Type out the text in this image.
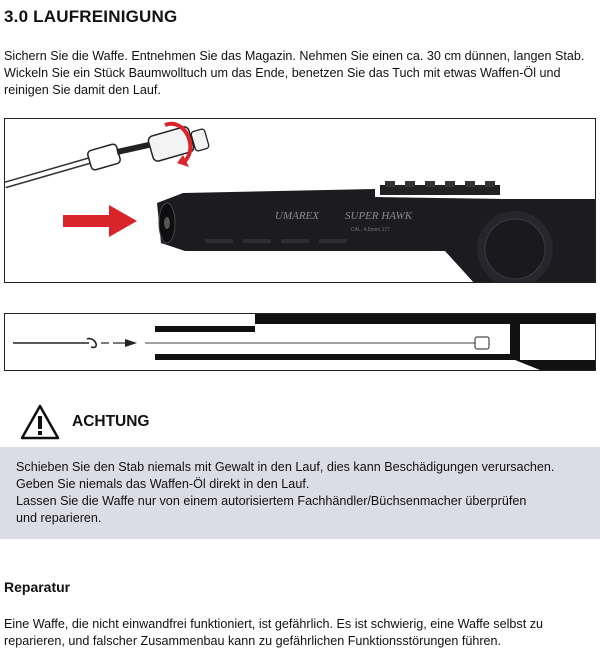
3.0 LAUFREINIGUNG

Sichern Sie die Waffe. Entnehmen Sie das Magazin. Nehmen Sie einen ca. 30 cm dünnen, langen Stab.

Wickeln Sie ein Stück Baumwolltuch um das Ende, benetzen Sie das Tuch mit etwas Waffen-Öl und

reinigen Sie damit den Lauf.

UMAREX SUPER HAWK
CAL. 4,5mm/.177
ACHTUNG

Schieben Sie den Stab niemals mit Gewalt in den Lauf, dies kann Beschädigungen verursachen.

Geben Sie niemals das Waffen-Öl direkt in den Lauf.

Lassen Sie die Waffe nur von einem autorisiertem Fachhändler/Büchsenmacher überprüfen

und reparieren.

Reparatur

Eine Waffe, die nicht einwandfrei funktioniert, ist gefährlich. Es ist schwierig, eine Waffe selbst zu

reparieren, und falscher Zusammenbau kann zu gefährlichen Funktionsstörungen führen.
